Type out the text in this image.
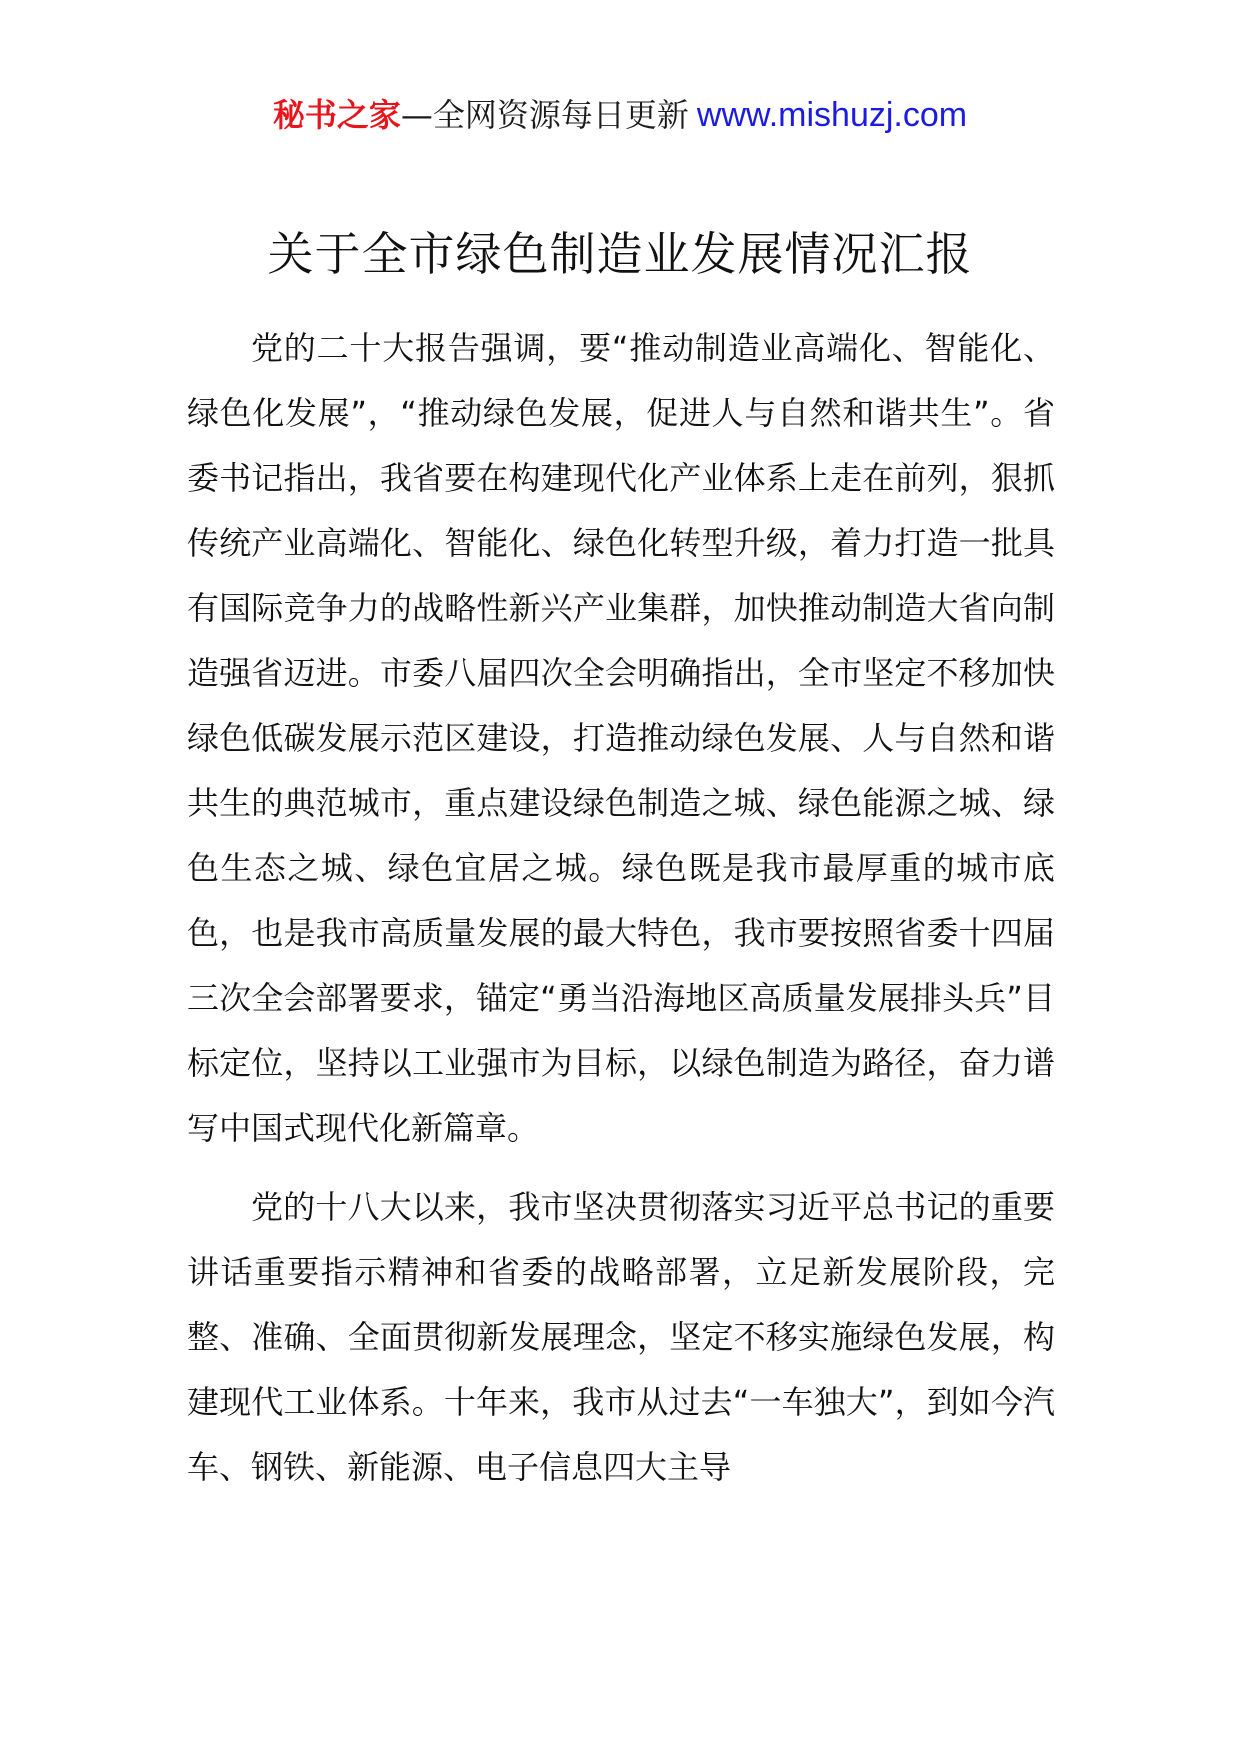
秘书之家—全网资源每日更新 www.mishuzj.com
关于全市绿色制造业发展情况汇报

党的二十大报告强调，要“推动制造业高端化、智能化、绿色化发展”，“推动绿色发展，促进人与自然和谐共生”。省委书记指出，我省要在构建现代化产业体系上走在前列，狠抓传统产业高端化、智能化、绿色化转型升级，着力打造一批具有国际竞争力的战略性新兴产业集群，加快推动制造大省向制造强省迈进。市委八届四次全会明确指出，全市坚定不移加快绿色低碳发展示范区建设，打造推动绿色发展、人与自然和谐共生的典范城市，重点建设绿色制造之城、绿色能源之城、绿色生态之城、绿色宜居之城。绿色既是我市最厚重的城市底色，也是我市高质量发展的最大特色，我市要按照省委十四届三次全会部署要求，锚定“勇当沿海地区高质量发展排头兵”目标定位，坚持以工业强市为目标，以绿色制造为路径，奋力谱写中国式现代化新篇章。

党的十八大以来，我市坚决贯彻落实习近平总书记的重要讲话重要指示精神和省委的战略部署，立足新发展阶段，完整、准确、全面贯彻新发展理念，坚定不移实施绿色发展，构建现代工业体系。十年来，我市从过去“一车独大”，到如今汽车、钢铁、新能源、电子信息四大主导
